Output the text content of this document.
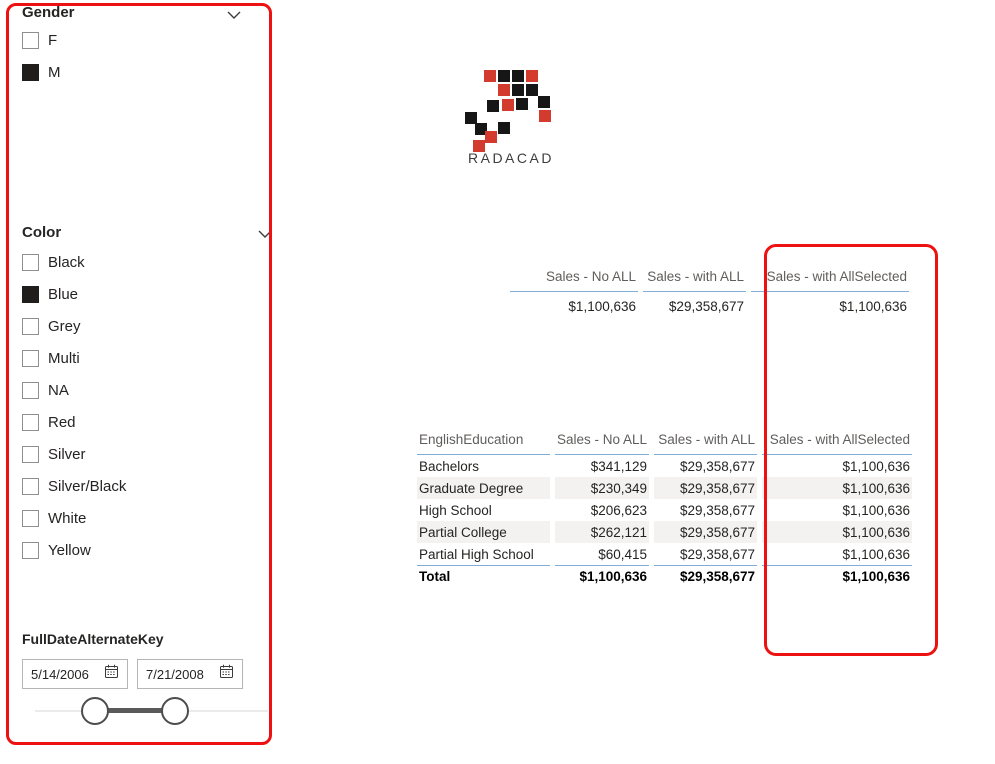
Gender
F
M
Color
Black
Blue
Grey
Multi
NA
Red
Silver
Silver/Black
White
Yellow
FullDateAlternateKey
5/14/2006	7/21/2008
RADACAD
Sales - No ALL	Sales - with ALL	Sales - with AllSelected
$1,100,636	$29,358,677	$1,100,636
EnglishEducation	Sales - No ALL	Sales - with ALL	Sales - with AllSelected
Bachelors	$341,129	$29,358,677	$1,100,636
Graduate Degree	$230,349	$29,358,677	$1,100,636
High School	$206,623	$29,358,677	$1,100,636
Partial College	$262,121	$29,358,677	$1,100,636
Partial High School	$60,415	$29,358,677	$1,100,636
Total	$1,100,636	$29,358,677	$1,100,636
